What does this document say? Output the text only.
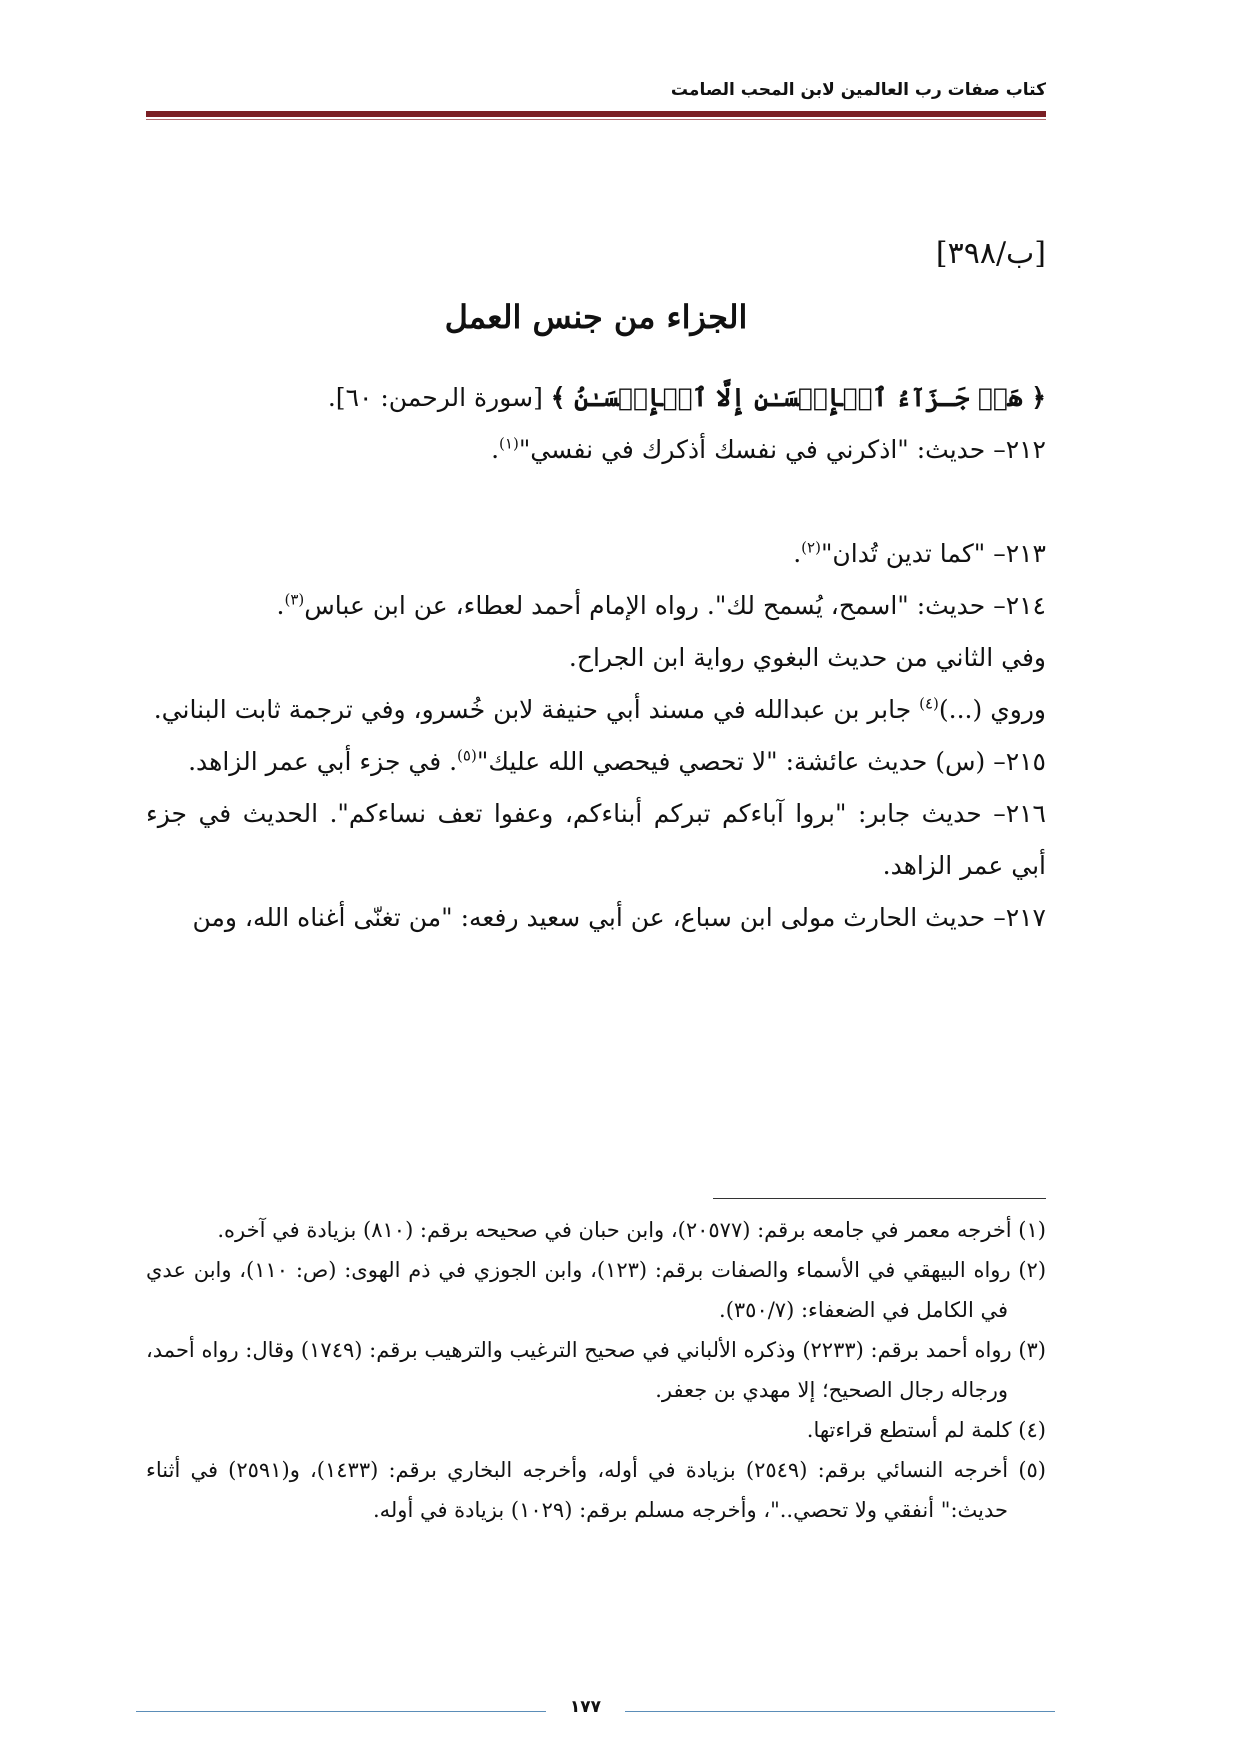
كتاب صفات رب العالمين لابن المحب الصامت
[ب/٣٩٨]
الجزاء من جنس العمل
﴿ هَلۡ جَـزَآءُ ٱلۡإِحۡسَـٰنِ إِلَّا ٱلۡإِحۡسَـٰنُ ﴾ [سورة الرحمن: ٦٠].
٢١٢– حديث: "اذكرني في نفسك أذكرك في نفسي"$^{(١)}$.
٢١٣– "كما تدين تُدان"$^{(٢)}$.
٢١٤– حديث: "اسمح، يُسمح لك". رواه الإمام أحمد لعطاء، عن ابن عباس$^{(٣)}$.
وفي الثاني من حديث البغوي رواية ابن الجراح.
وروي (...)$^{(٤)}$ جابر بن عبدالله في مسند أبي حنيفة لابن خُسرو، وفي ترجمة ثابت البناني.
٢١٥– (س) حديث عائشة: "لا تحصي فيحصي الله عليك"$^{(٥)}$. في جزء أبي عمر الزاهد.
٢١٦– حديث جابر: "بروا آباءكم تبركم أبناءكم، وعفوا تعف نساءكم". الحديث في جزء أبي عمر الزاهد.
٢١٧– حديث الحارث مولى ابن سباع، عن أبي سعيد رفعه: "من تغنّى أغناه الله، ومن
(١) أخرجه معمر في جامعه برقم: (٢٠٥٧٧)، وابن حبان في صحيحه برقم: (٨١٠) بزيادة في آخره.
(٢) رواه البيهقي في الأسماء والصفات برقم: (١٢٣)، وابن الجوزي في ذم الهوى: (ص: ١١٠)، وابن عدي في الكامل في الضعفاء: (٣٥٠/٧).
(٣) رواه أحمد برقم: (٢٢٣٣) وذكره الألباني في صحيح الترغيب والترهيب برقم: (١٧٤٩) وقال: رواه أحمد، ورجاله رجال الصحيح؛ إلا مهدي بن جعفر.
(٤) كلمة لم أستطع قراءتها.
(٥) أخرجه النسائي برقم: (٢٥٤٩) بزيادة في أوله، وأخرجه البخاري برقم: (١٤٣٣)، و(٢٥٩١) في أثناء حديث:" أنفقي ولا تحصي.."، وأخرجه مسلم برقم: (١٠٢٩) بزيادة في أوله.
١٧٧
